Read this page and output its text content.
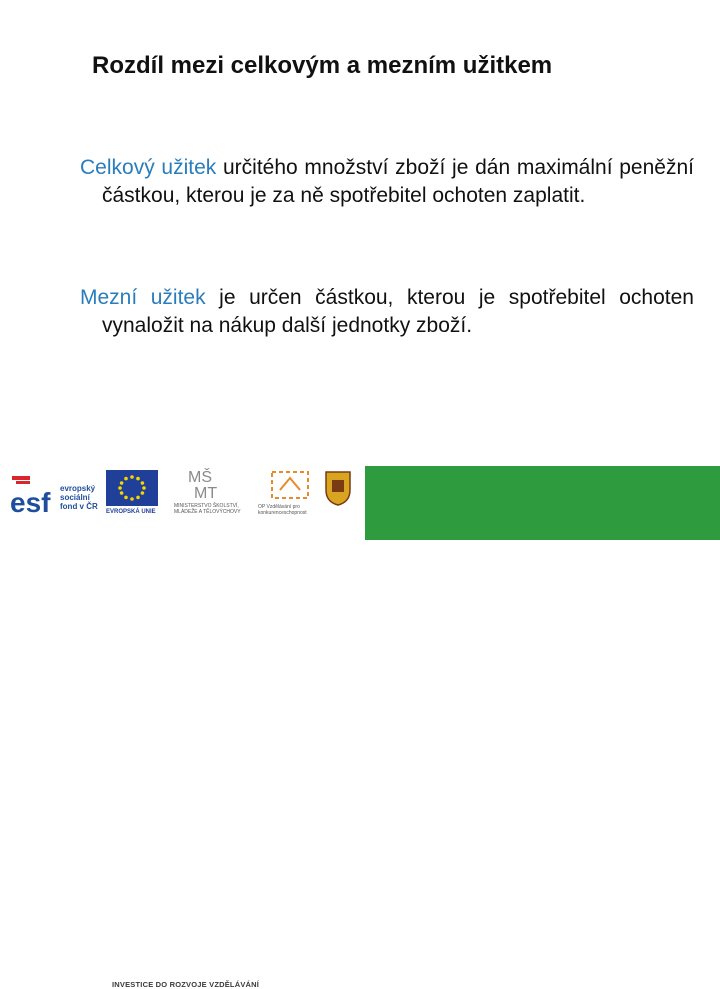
Rozdíl mezi celkovým a mezním užitkem
Celkový užitek určitého množství zboží je dán maximální peněžní částkou, kterou je za ně spotřebitel ochoten zaplatit.
Mezní užitek je určen částkou, kterou je spotřebitel ochoten vynaložit na nákup další jednotky zboží.
esf evropský
sociální
fond v ČR
EVROPSKÁ UNIE
MŠ
MT
MINISTERSTVO ŠKOLSTVÍ, MLÁDEŽE A TĚLOVÝCHOVY
OP Vzdělávání pro konkurenceschopnost
INVESTICE DO ROZVOJE VZDĚLÁVÁNÍ
